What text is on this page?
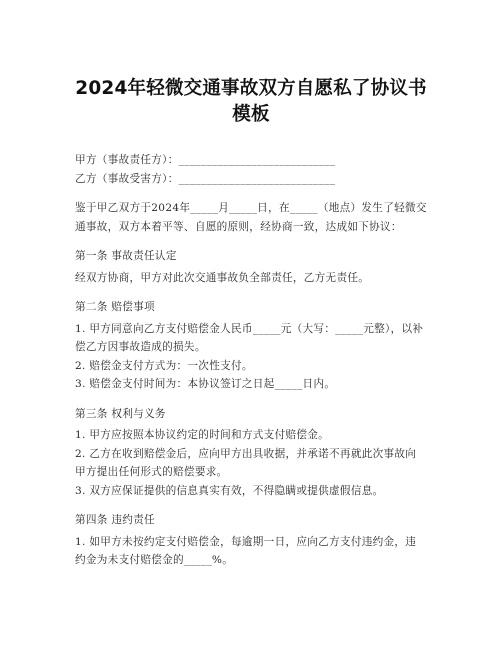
2024年轻微交通事故双方自愿私了协议书模板
甲方（事故责任方）：____________________________
乙方（事故受害方）：____________________________
鉴于甲乙双方于2024年_____月_____日，在_____（地点）发生了轻微交通事故，双方本着平等、自愿的原则，经协商一致，达成如下协议：
第一条 事故责任认定
经双方协商，甲方对此次交通事故负全部责任，乙方无责任。
第二条 赔偿事项
1. 甲方同意向乙方支付赔偿金人民币_____元（大写：_____元整），以补偿乙方因事故造成的损失。
2. 赔偿金支付方式为：一次性支付。
3. 赔偿金支付时间为：本协议签订之日起_____日内。
第三条 权利与义务
1. 甲方应按照本协议约定的时间和方式支付赔偿金。
2. 乙方在收到赔偿金后，应向甲方出具收据，并承诺不再就此次事故向甲方提出任何形式的赔偿要求。
3. 双方应保证提供的信息真实有效，不得隐瞒或提供虚假信息。
第四条 违约责任
1. 如甲方未按约定支付赔偿金，每逾期一日，应向乙方支付违约金，违约金为未支付赔偿金的_____%。
